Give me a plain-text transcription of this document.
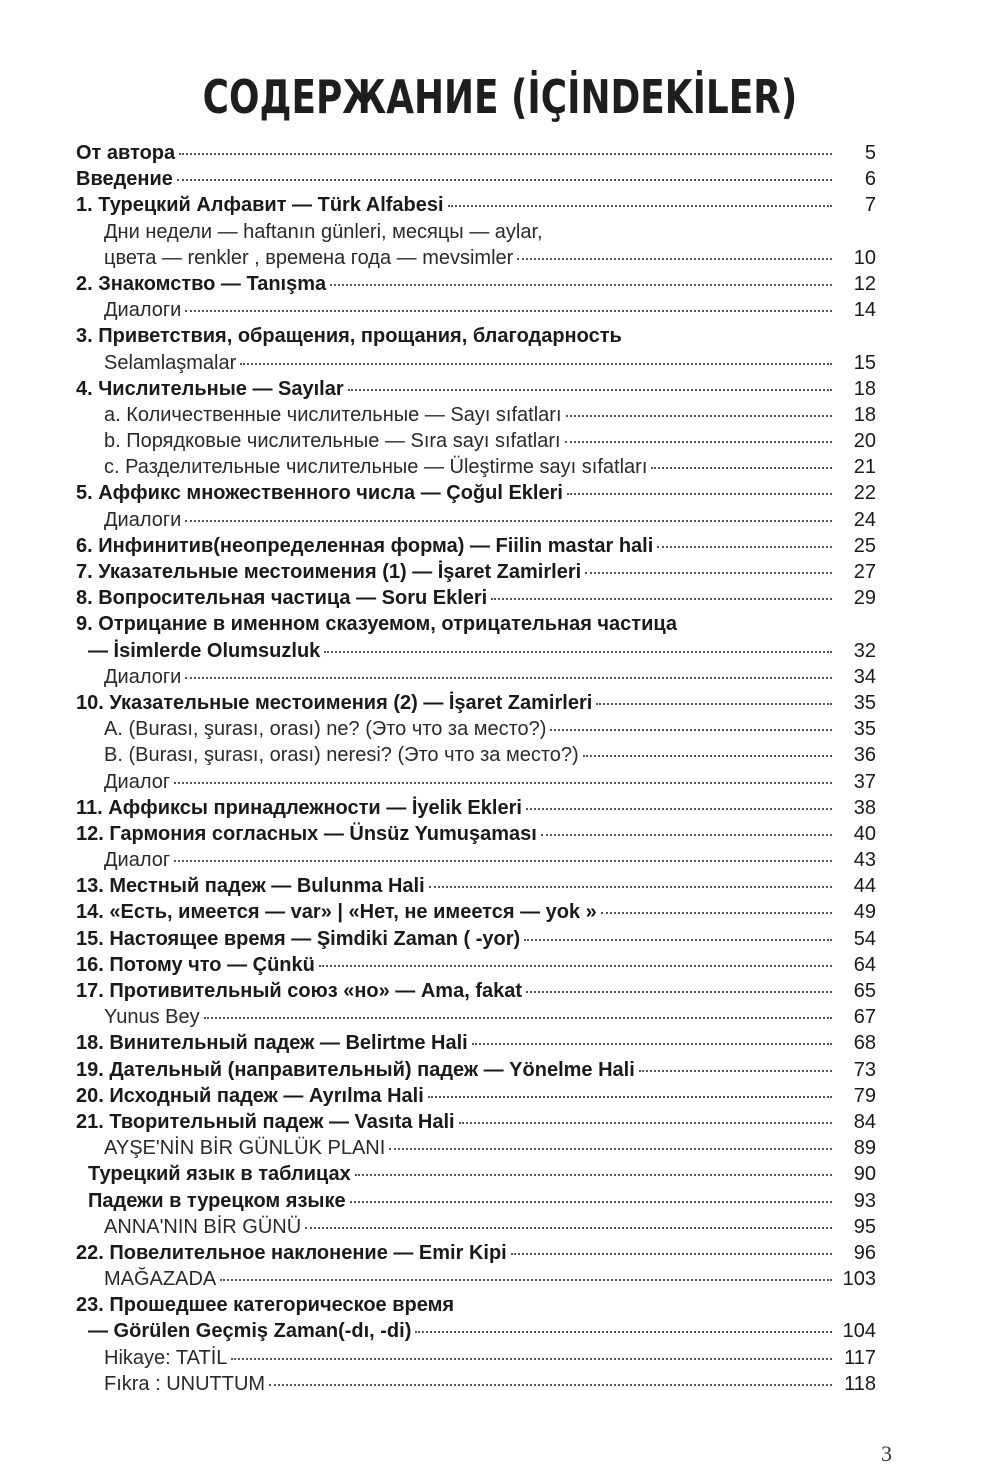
СОДЕРЖАНИЕ (İÇİNDEKİLER)
От автора	5
Введение	6
1. Турецкий Алфавит — Türk Alfabesi	7
Дни недели — haftanın günleri, месяцы — aylar,
цвета — renkler , времена года — mevsimler	10
2. Знакомство — Tanışma	12
Диалоги	14
3. Приветствия, обращения, прощания, благодарность
Selamlaşmalar	15
4. Числительные — Sayılar	18
a. Количественные числительные — Sayı sıfatları	18
b. Порядковые числительные — Sıra sayı sıfatları	20
c. Разделительные числительные — Üleştirme sayı sıfatları	21
5. Аффикс множественного числа — Çoğul Ekleri	22
Диалоги	24
6. Инфинитив(неопределенная форма) — Fiilin mastar hali	25
7. Указательные местоимения (1) — İşaret Zamirleri	27
8. Вопросительная частица — Soru Ekleri	29
9. Отрицание в именном сказуемом, отрицательная частица
— İsimlerde Olumsuzluk	32
Диалоги	34
10. Указательные местоимения (2) — İşaret Zamirleri	35
A. (Burası, şurası, orası) ne? (Это что за место?)	35
B. (Burası, şurası, orası) neresi? (Это что за место?)	36
Диалог	37
11. Аффиксы принадлежности — İyelik Ekleri	38
12. Гармония согласных — Ünsüz Yumuşaması	40
Диалог	43
13. Местный падеж — Bulunma Hali	44
14. «Есть, имеется — var» | «Нет, не имеется — yok »	49
15. Настоящее время — Şimdiki Zaman ( -yor)	54
16. Потому что — Çünkü	64
17. Противительный союз «но» — Ama, fakat	65
Yunus Bey	67
18. Винительный падеж — Belirtme Hali	68
19. Дательный (направительный) падеж — Yönelme Hali	73
20. Исходный падеж — Ayrılma Hali	79
21. Творительный падеж — Vasıta Hali	84
AYŞE'NİN BİR GÜNLÜK PLANI	89
Турецкий язык в таблицах	90
Падежи в турецком языке	93
ANNA'NIN BİR GÜNÜ	95
22. Повелительное наклонение — Emir Kipi	96
MAĞAZADA	103
23. Прошедшее категорическое время
— Görülen Geçmiş Zaman(-dı, -di)	104
Hikaye: TATİL	117
Fıkra : UNUTTUM	118
3
